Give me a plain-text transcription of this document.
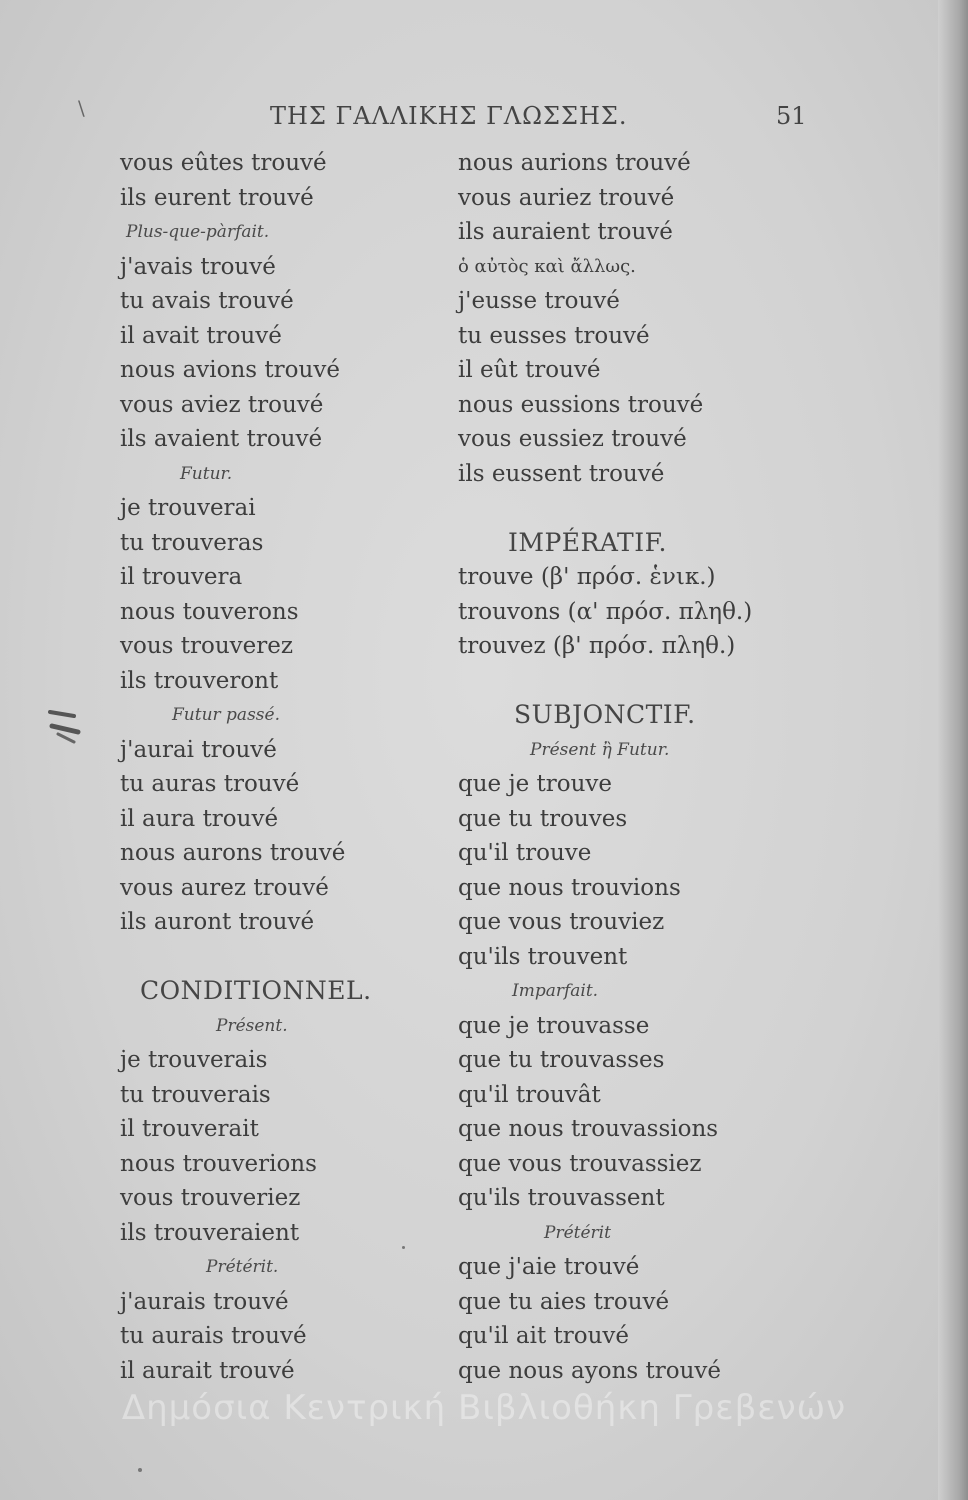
\	ΤΗΣ ΓΑΛΛΙΚΗΣ ΓΛΩΣΣΗΣ.	51
vous eûtes trouvé
ils eurent trouvé
Plus-que-pàrfait.
j'avais trouvé
tu avais trouvé
il avait trouvé
nous avions trouvé
vous aviez trouvé
ils avaient trouvé
Futur.
je trouverai
tu trouveras
il trouvera
nous touverons
vous trouverez
ils trouveront
Futur passé.
j'aurai trouvé
tu auras trouvé
il aura trouvé
nous aurons trouvé
vous aurez trouvé
ils auront trouvé
CONDITIONNEL.
Présent.
je trouverais
tu trouverais
il trouverait
nous trouverions
vous trouveriez
ils trouveraient
Prétérit.
j'aurais trouvé
tu aurais trouvé
il aurait trouvé
nous aurions trouvé
vous auriez trouvé
ils auraient trouvé
ὁ αὐτὸς καὶ ἄλλως.
j'eusse trouvé
tu eusses trouvé
il eût trouvé
nous eussions trouvé
vous eussiez trouvé
ils eussent trouvé
IMPÉRATIF.
trouve (β' πρόσ. ἑνικ.)
trouvons (α' πρόσ. πληθ.)
trouvez (β' πρόσ. πληθ.)
SUBJONCTIF.
Présent ἢ Futur.
que je trouve
que tu trouves
qu'il trouve
que nous trouvions
que vous trouviez
qu'ils trouvent
Imparfait.
que je trouvasse
que tu trouvasses
qu'il trouvât
que nous trouvassions
que vous trouvassiez
qu'ils trouvassent
Prétérit
que j'aie trouvé
que tu aies trouvé
qu'il ait trouvé
que nous ayons trouvé
Δημόσια Κεντρική Βιβλιοθήκη Γρεβενών
